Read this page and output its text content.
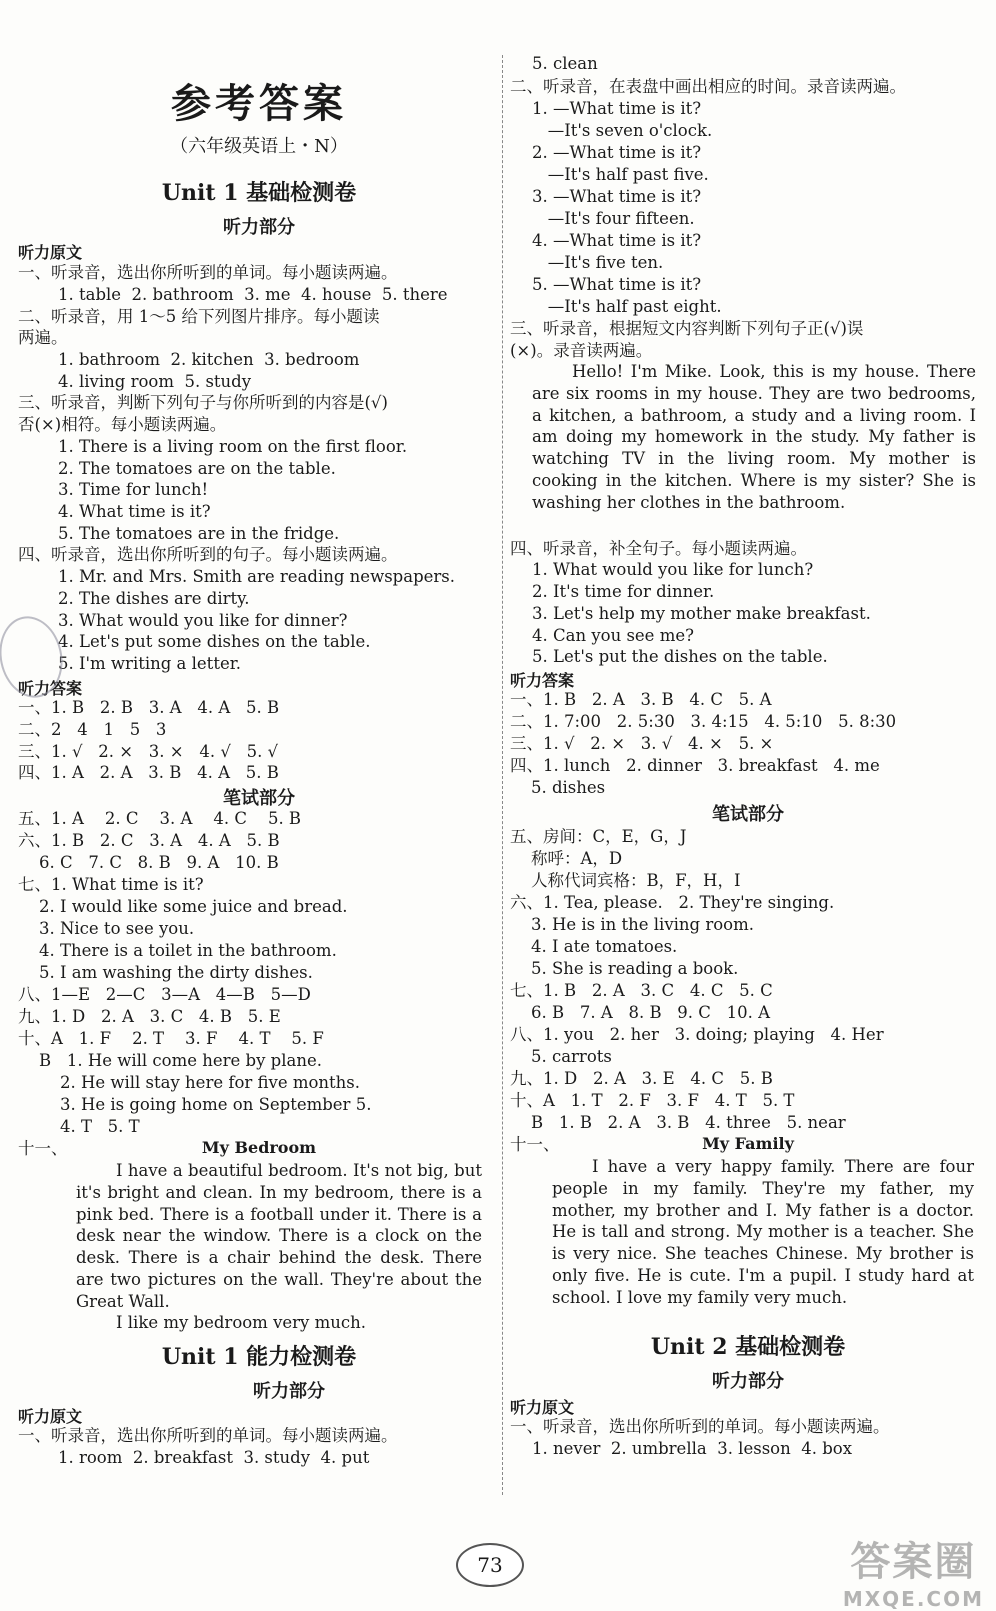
参考答案
（六年级英语上・N）
Unit 1 基础检测卷
听力部分
听力原文
一、听录音，选出你所听到的单词。每小题读两遍。
1. table  2. bathroom  3. me  4. house  5. there
二、听录音，用 1～5 给下列图片排序。每小题读
两遍。
1. bathroom  2. kitchen  3. bedroom
4. living room  5. study
三、听录音，判断下列句子与你所听到的内容是(√)
否(×)相符。每小题读两遍。
1. There is a living room on the first floor.
2. The tomatoes are on the table.
3. Time for lunch!
4. What time is it?
5. The tomatoes are in the fridge.
四、听录音，选出你所听到的句子。每小题读两遍。
1. Mr. and Mrs. Smith are reading newspapers.
2. The dishes are dirty.
3. What would you like for dinner?
4. Let's put some dishes on the table.
5. I'm writing a letter.
听力答案
一、1. B   2. B   3. A   4. A   5. B
二、2   4   1   5   3
三、1. √   2. ×   3. ×   4. √   5. √
四、1. A   2. A   3. B   4. A   5. B
笔试部分
五、1. A    2. C    3. A    4. C    5. B
六、1. B   2. C   3. A   4. A   5. B
6. C   7. C   8. B   9. A   10. B
七、1. What time is it?
2. I would like some juice and bread.
3. Nice to see you.
4. There is a toilet in the bathroom.
5. I am washing the dirty dishes.
八、1—E   2—C   3—A   4—B   5—D
九、1. D   2. A   3. C   4. B   5. E
十、A   1. F    2. T    3. F    4. T    5. F
B   1. He will come here by plane.
2. He will stay here for five months.
3. He is going home on September 5.
4. T   5. T
十一、	My Bedroom
I have a beautiful bedroom. It's not big, but it's bright and clean. In my bedroom, there is a pink bed. There is a football under it. There is a desk near the window. There is a clock on the desk. There is a chair behind the desk. There are two pictures on the wall. They're about the Great Wall.
I like my bedroom very much.
Unit 1 能力检测卷
听力部分
听力原文
一、听录音，选出你所听到的单词。每小题读两遍。
1. room  2. breakfast  3. study  4. put
5. clean
二、听录音，在表盘中画出相应的时间。录音读两遍。
1. —What time is it?
—It's seven o'clock.
2. —What time is it?
—It's half past five.
3. —What time is it?
—It's four fifteen.
4. —What time is it?
—It's five ten.
5. —What time is it?
—It's half past eight.
三、听录音，根据短文内容判断下列句子正(√)误
(×)。录音读两遍。
Hello! I'm Mike. Look, this is my house. There are six rooms in my house. They are two bedrooms, a kitchen, a bathroom, a study and a living room. I am doing my homework in the study. My father is watching TV in the living room. My mother is cooking in the kitchen. Where is my sister? She is washing her clothes in the bathroom.
四、听录音，补全句子。每小题读两遍。
1. What would you like for lunch?
2. It's time for dinner.
3. Let's help my mother make breakfast.
4. Can you see me?
5. Let's put the dishes on the table.
听力答案
一、1. B   2. A   3. B   4. C   5. A
二、1. 7:00   2. 5:30   3. 4:15   4. 5:10   5. 8:30
三、1. √   2. ×   3. √   4. ×   5. ×
四、1. lunch   2. dinner   3. breakfast   4. me
5. dishes
笔试部分
五、房间：C，E，G，J
称呼：A，D
人称代词宾格：B，F，H，I
六、1. Tea, please.   2. They're singing.
3. He is in the living room.
4. I ate tomatoes.
5. She is reading a book.
七、1. B   2. A   3. C   4. C   5. C
6. B   7. A   8. B   9. C   10. A
八、1. you   2. her   3. doing; playing   4. Her
5. carrots
九、1. D   2. A   3. E   4. C   5. B
十、A   1. T   2. F   3. F   4. T   5. T
B   1. B   2. A   3. B   4. three   5. near
十一、	My Family
I have a very happy family. There are four people in my family. They're my father, my mother, my brother and I. My father is a doctor. He is tall and strong. My mother is a teacher. She is very nice. She teaches Chinese. My brother is only five. He is cute. I'm a pupil. I study hard at school. I love my family very much.
Unit 2 基础检测卷
听力部分
听力原文
一、听录音，选出你所听到的单词。每小题读两遍。
1. never  2. umbrella  3. lesson  4. box
73	答案圈
MXQE.COM
